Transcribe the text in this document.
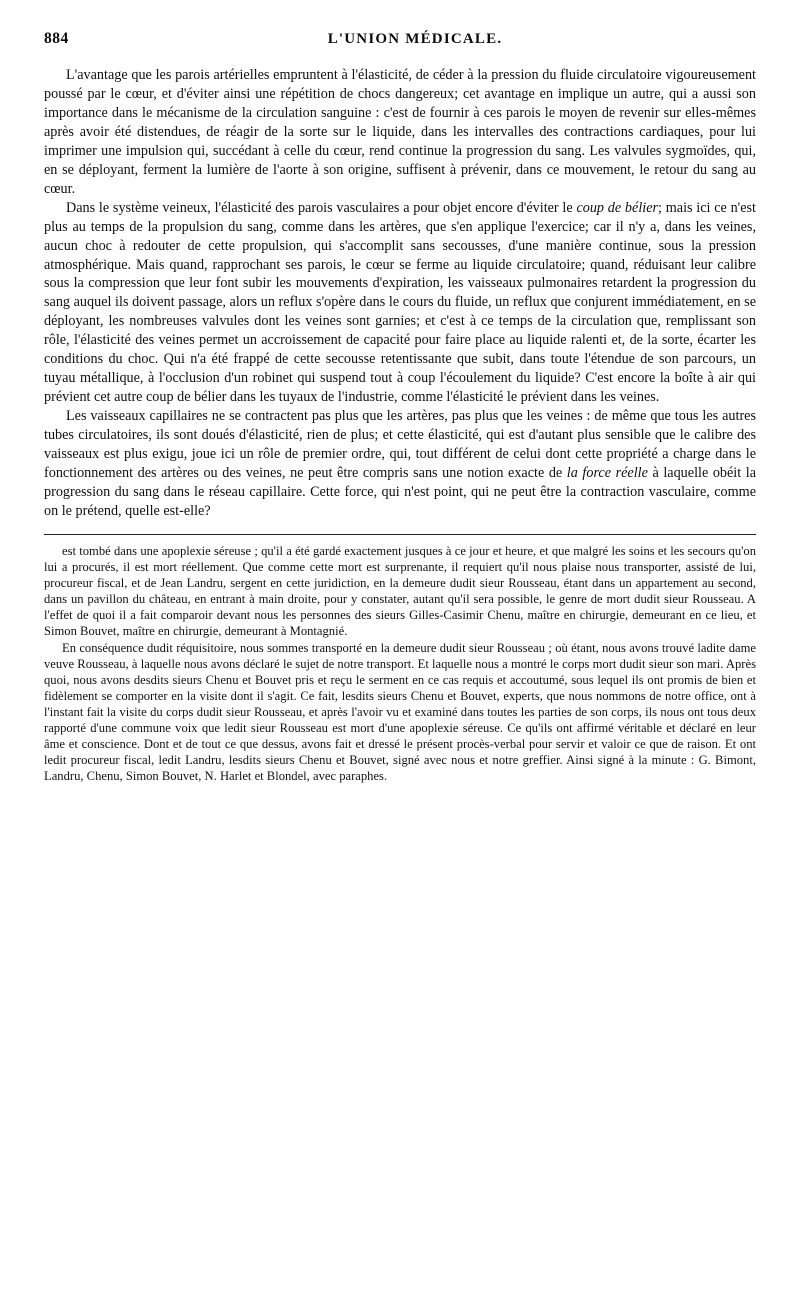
884	L'UNION MÉDICALE.

L'avantage que les parois artérielles empruntent à l'élasticité, de céder à la pression du fluide circulatoire vigoureusement poussé par le cœur, et d'éviter ainsi une répétition de chocs dangereux; cet avantage en implique un autre, qui a aussi son importance dans le mécanisme de la circulation sanguine : c'est de fournir à ces parois le moyen de revenir sur elles-mêmes après avoir été distendues, de réagir de la sorte sur le liquide, dans les intervalles des contractions cardiaques, pour lui imprimer une impulsion qui, succédant à celle du cœur, rend continue la progression du sang. Les valvules sygmoïdes, qui, en se déployant, ferment la lumière de l'aorte à son origine, suffisent à prévenir, dans ce mouvement, le retour du sang au cœur.

Dans le système veineux, l'élasticité des parois vasculaires a pour objet encore d'éviter le coup de bélier; mais ici ce n'est plus au temps de la propulsion du sang, comme dans les artères, que s'en applique l'exercice; car il n'y a, dans les veines, aucun choc à redouter de cette propulsion, qui s'accomplit sans secousses, d'une manière continue, sous la pression atmosphérique. Mais quand, rapprochant ses parois, le cœur se ferme au liquide circulatoire; quand, réduisant leur calibre sous la compression que leur font subir les mouvements d'expiration, les vaisseaux pulmonaires retardent la progression du sang auquel ils doivent passage, alors un reflux s'opère dans le cours du fluide, un reflux que conjurent immédiatement, en se déployant, les nombreuses valvules dont les veines sont garnies; et c'est à ce temps de la circulation que, remplissant son rôle, l'élasticité des veines permet un accroissement de capacité pour faire place au liquide ralenti et, de la sorte, écarter les conditions du choc. Qui n'a été frappé de cette secousse retentissante que subit, dans toute l'étendue de son parcours, un tuyau métallique, à l'occlusion d'un robinet qui suspend tout à coup l'écoulement du liquide? C'est encore la boîte à air qui prévient cet autre coup de bélier dans les tuyaux de l'industrie, comme l'élasticité le prévient dans les veines.

Les vaisseaux capillaires ne se contractent pas plus que les artères, pas plus que les veines : de même que tous les autres tubes circulatoires, ils sont doués d'élasticité, rien de plus; et cette élasticité, qui est d'autant plus sensible que le calibre des vaisseaux est plus exigu, joue ici un rôle de premier ordre, qui, tout différent de celui dont cette propriété a charge dans le fonctionnement des artères ou des veines, ne peut être compris sans une notion exacte de la force réelle à laquelle obéit la progression du sang dans le réseau capillaire. Cette force, qui n'est point, qui ne peut être la contraction vasculaire, comme on le prétend, quelle est-elle?

est tombé dans une apoplexie séreuse ; qu'il a été gardé exactement jusques à ce jour et heure, et que malgré les soins et les secours qu'on lui a procurés, il est mort réellement. Que comme cette mort est surprenante, il requiert qu'il nous plaise nous transporter, assisté de lui, procureur fiscal, et de Jean Landru, sergent en cette juridiction, en la demeure dudit sieur Rousseau, étant dans un appartement au second, dans un pavillon du château, en entrant à main droite, pour y constater, autant qu'il sera possible, le genre de mort dudit sieur Rousseau. A l'effet de quoi il a fait comparoir devant nous les personnes des sieurs Gilles-Casimir Chenu, maître en chirurgie, demeurant en ce lieu, et Simon Bouvet, maître en chirurgie, demeurant à Montagnié.

En conséquence dudit réquisitoire, nous sommes transporté en la demeure dudit sieur Rousseau ; où étant, nous avons trouvé ladite dame veuve Rousseau, à laquelle nous avons déclaré le sujet de notre transport. Et laquelle nous a montré le corps mort dudit sieur son mari. Après quoi, nous avons desdits sieurs Chenu et Bouvet pris et reçu le serment en ce cas requis et accoutumé, sous lequel ils ont promis de bien et fidèlement se comporter en la visite dont il s'agit. Ce fait, lesdits sieurs Chenu et Bouvet, experts, que nous nommons de notre office, ont à l'instant fait la visite du corps dudit sieur Rousseau, et après l'avoir vu et examiné dans toutes les parties de son corps, ils nous ont tous deux rapporté d'une commune voix que ledit sieur Rousseau est mort d'une apoplexie séreuse. Ce qu'ils ont affirmé véritable et déclaré en leur âme et conscience. Dont et de tout ce que dessus, avons fait et dressé le présent procès-verbal pour servir et valoir ce que de raison. Et ont ledit procureur fiscal, ledit Landru, lesdits sieurs Chenu et Bouvet, signé avec nous et notre greffier. Ainsi signé à la minute : G. Bimont, Landru, Chenu, Simon Bouvet, N. Harlet et Blondel, avec paraphes.
